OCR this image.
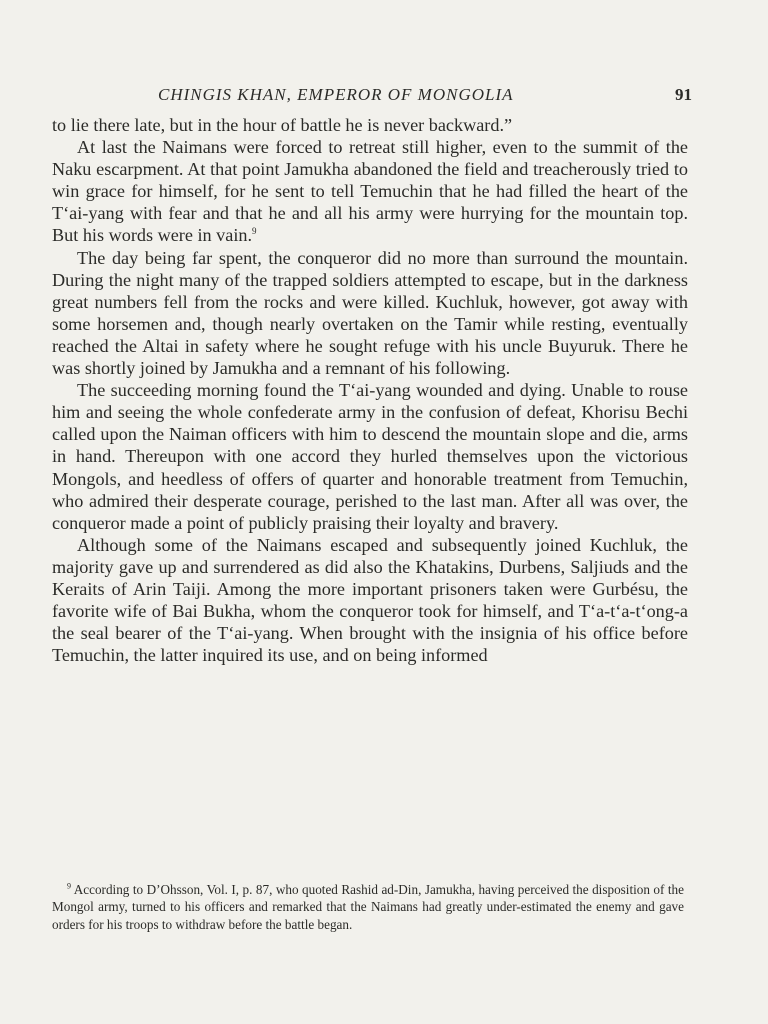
CHINGIS KHAN, EMPEROR OF MONGOLIA	91

to lie there late, but in the hour of battle he is never backward.”

At last the Naimans were forced to retreat still higher, even to the summit of the Naku escarpment. At that point Jamukha abandoned the field and treacherously tried to win grace for himself, for he sent to tell Temuchin that he had filled the heart of the T‘ai-yang with fear and that he and all his army were hurrying for the mountain top. But his words were in vain.$^9$

The day being far spent, the conqueror did no more than surround the mountain. During the night many of the trapped soldiers attempted to escape, but in the darkness great numbers fell from the rocks and were killed. Kuchluk, however, got away with some horsemen and, though nearly overtaken on the Tamir while resting, eventually reached the Altai in safety where he sought refuge with his uncle Buyuruk. There he was shortly joined by Jamukha and a remnant of his following.

The succeeding morning found the T‘ai-yang wounded and dying. Unable to rouse him and seeing the whole confederate army in the confusion of defeat, Khorisu Bechi called upon the Naiman officers with him to descend the mountain slope and die, arms in hand. Thereupon with one accord they hurled themselves upon the victorious Mongols, and heedless of offers of quarter and honorable treatment from Temuchin, who admired their desperate courage, perished to the last man. After all was over, the conqueror made a point of publicly praising their loyalty and bravery.

Although some of the Naimans escaped and subsequently joined Kuchluk, the majority gave up and surrendered as did also the Khatakins, Durbens, Saljiuds and the Keraits of Arin Taiji. Among the more important prisoners taken were Gurbésu, the favorite wife of Bai Bukha, whom the conqueror took for himself, and T‘a-t‘a-t‘ong-a the seal bearer of the T‘ai-yang. When brought with the insignia of his office before Temuchin, the latter inquired its use, and on being informed

$^9$ According to D’Ohsson, Vol. I, p. 87, who quoted Rashid ad-Din, Jamukha, having perceived the disposition of the Mongol army, turned to his officers and remarked that the Naimans had greatly under-estimated the enemy and gave orders for his troops to withdraw before the battle began.
